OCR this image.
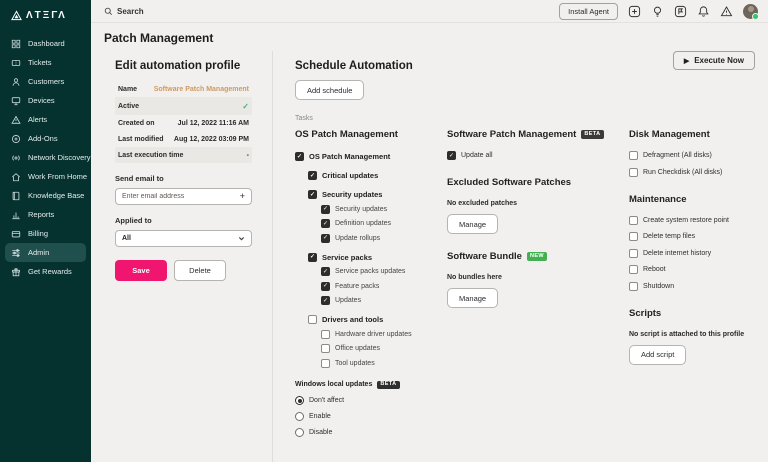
ΛTΞΓΛ
Dashboard
Tickets
Customers
Devices
Alerts
Add-Ons
Network Discovery
Work From Home
Knowledge Base
Reports
Billing
Admin
Get Rewards
Search
Install Agent
Patch Management
▶ Execute Now
Edit automation profile
Name Software Patch Management
Active	✓
Created on	Jul 12, 2022 11:16 AM
Last modified Aug 12, 2022 03:09 PM
Last execution time	-
Send email to
Enter email address
+
Applied to
All
Save	Delete
Schedule Automation
Add schedule
Tasks
OS Patch Management
✓
OS Patch Management
✓
Critical updates
✓
Security updates
✓
Security updates
✓
Definition updates
✓
Update rollups
✓
Service packs
✓
Service packs updates
✓
Feature packs
✓
Updates
Drivers and tools
Hardware driver updates
Office updates
Tool updates
Windows local updates	BETA
Don't affect
Enable
Disable
Software Patch Management	BETA
✓
Update all
Excluded Software Patches
No excluded patches
Manage
Software Bundle	NEW
No bundles here
Manage
Disk Management
Defragment (All disks)
Run Checkdisk (All disks)
Maintenance
Create system restore point
Delete temp files
Delete internet history
Reboot
Shutdown
Scripts
No script is attached to this profile
Add script
